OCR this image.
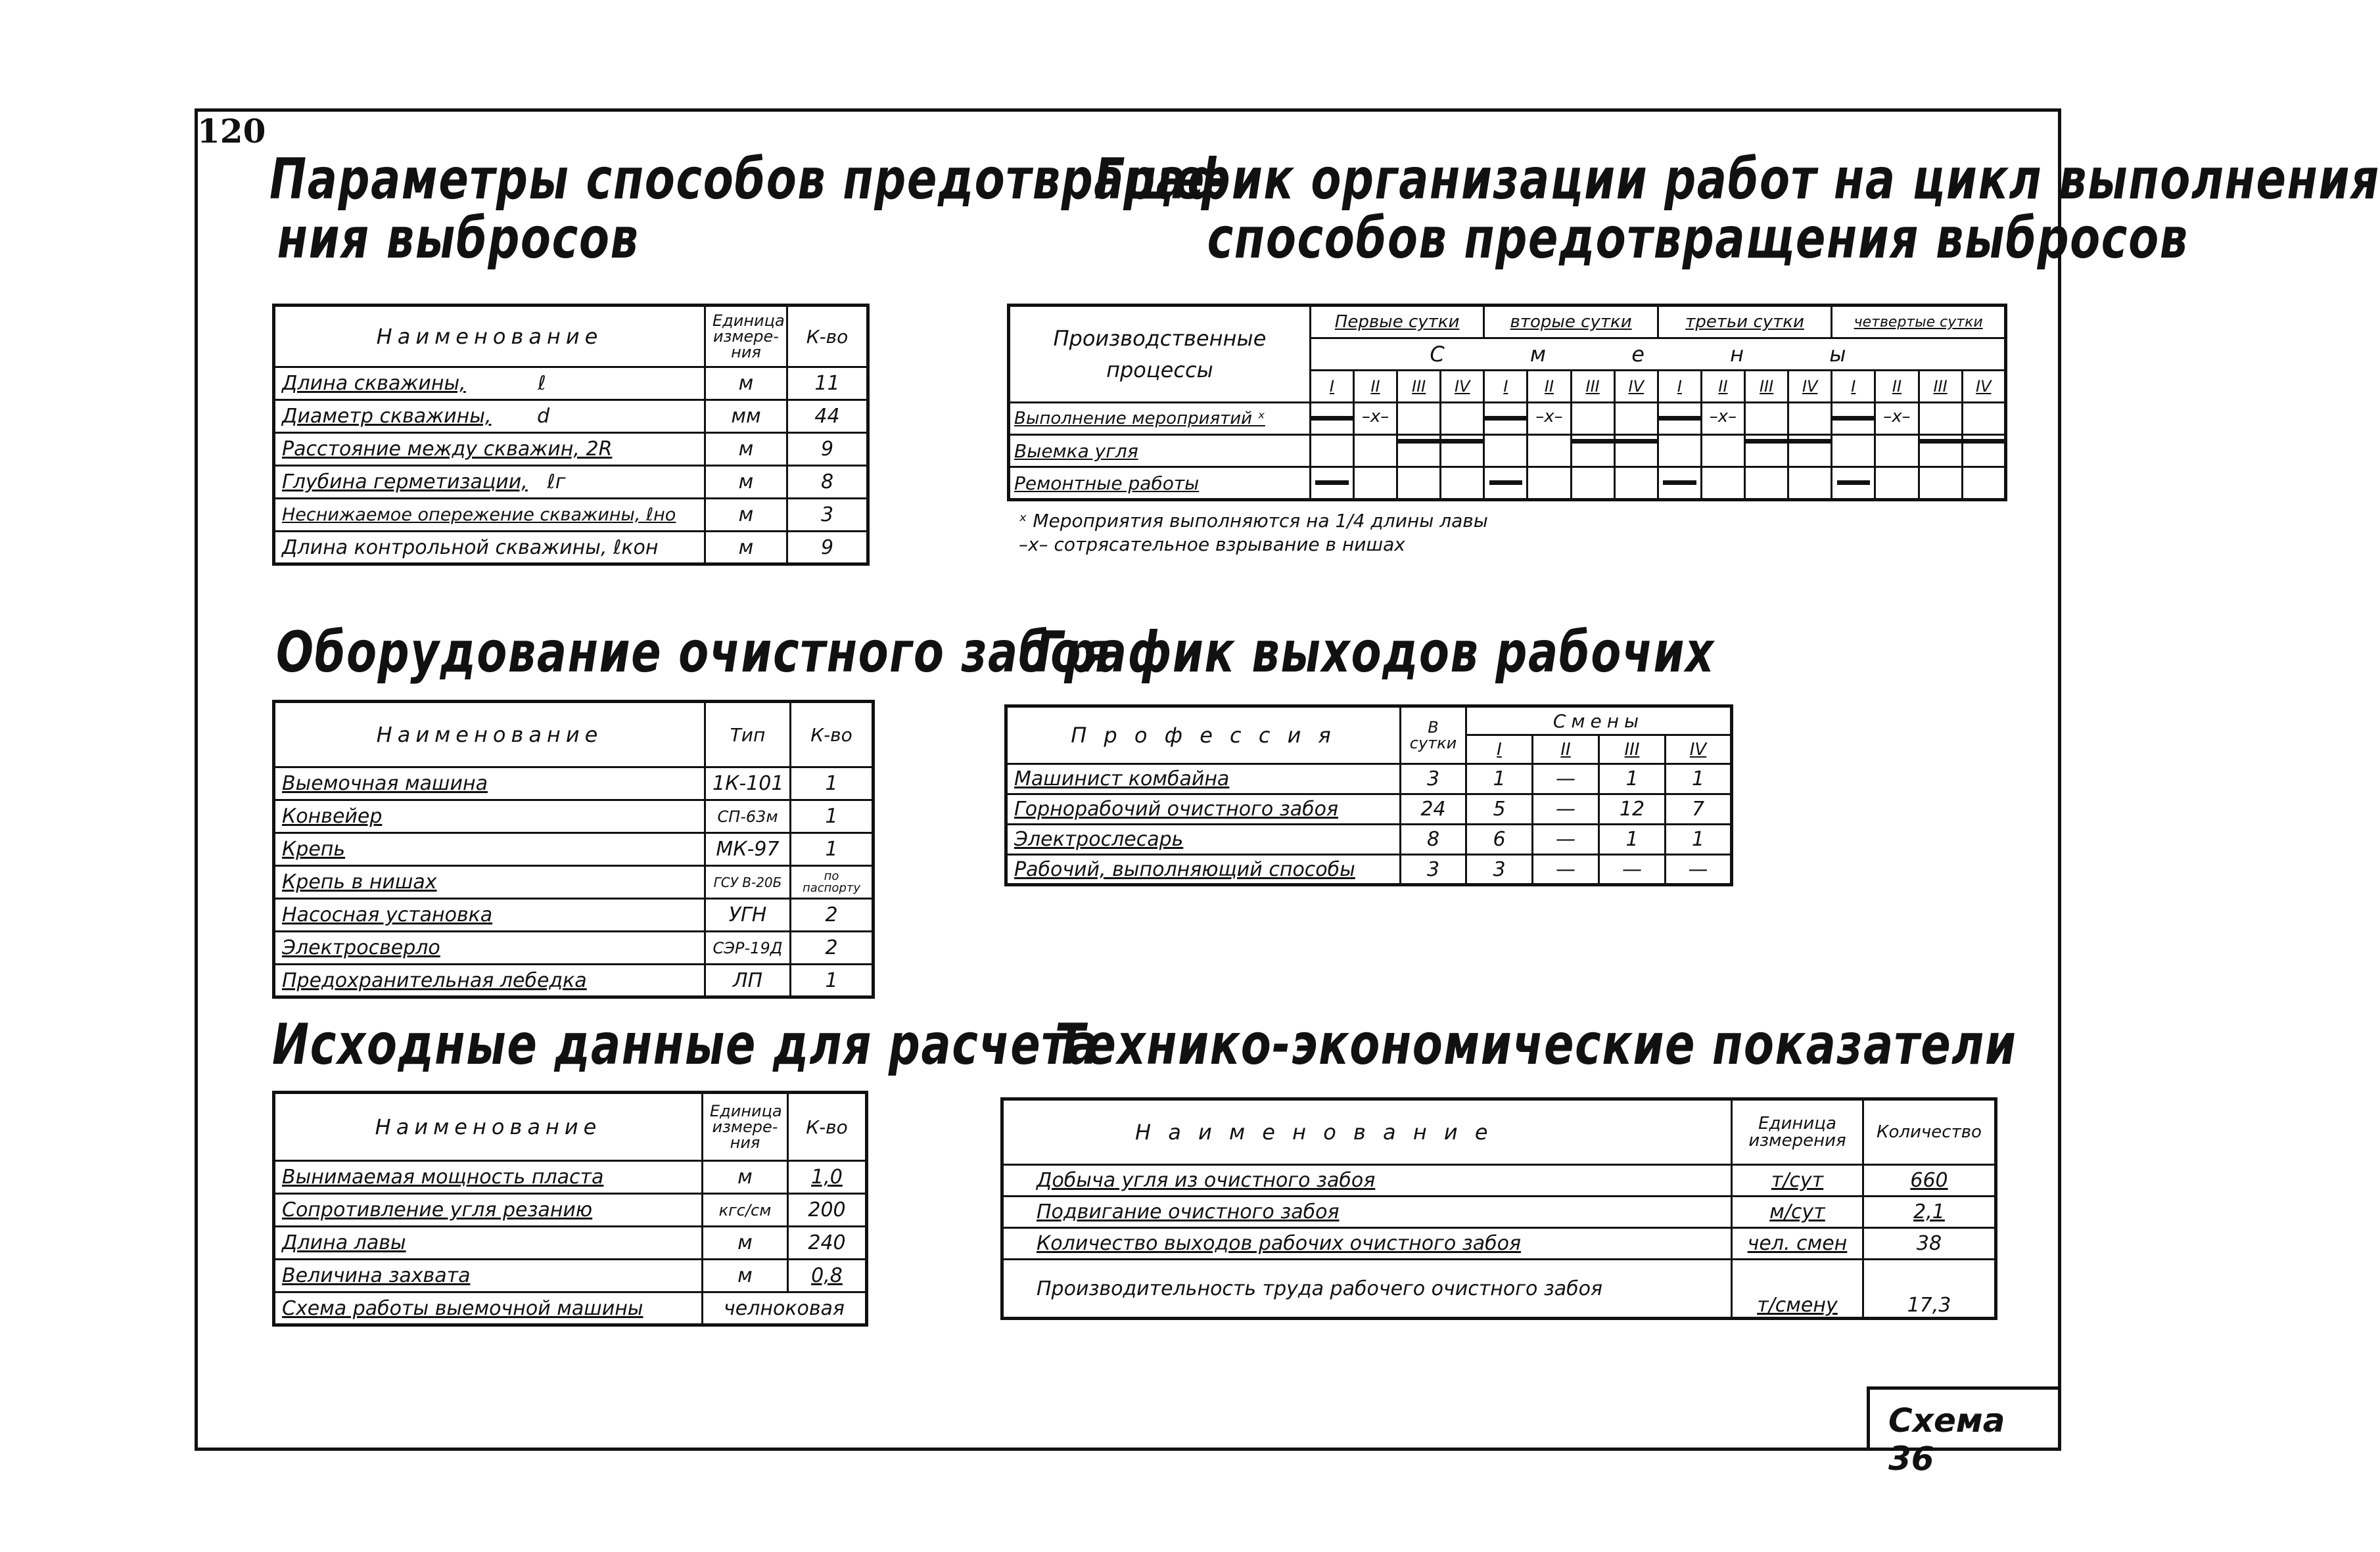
120
Параметры способов предотвраще-
ния выбросов
Наименование	Единица измере-ния	К-во
Длина скважины, ℓ	м	11
Диаметр скважины, d	мм	44
Расстояние между скважин, 2R	м	9
Глубина герметизации, ℓг	м	8
Неснижаемое опережение скважины, ℓно	м	3
Длина контрольной скважины, ℓкон	м	9
Оборудование очистного забоя
Наименование	Тип	К-во
Выемочная машина	1К-101	1
Конвейер	СП-63м	1
Крепь	МК-97	1
Крепь в нишах	ГСУ В-20Б	по паспорту
Насосная установка	УГН	2
Электросверло	СЭР-19Д	2
Предохранительная лебедка	ЛП	1
Исходные данные для расчета
Наименование	Единица измере-ния	К-во
Вынимаемая мощность пласта	м	1,0
Сопротивление угля резанию	кгс/см	200
Длина лавы	м	240
Величина захвата	м	0,8
Схема работы выемочной машины	челноковая	
График организации работ на цикл выполнения
способов предотвращения выбросов
Производственные процессы	Первые сутки				вторые сутки				третьи сутки				четвертые сутки			
	С м е н ы															
	I	II	III	IV	I	II	III	IV	I	II	III	IV	I	II	III	IV
Выполнение мероприятий ˣ		–x–				–x–				–x–				–x–		

Выемка угля			

Ремонтные работы	

ˣ Мероприятия выполняются на 1/4 длины лавы
–x– сотрясательное взрывание в нишах
График выходов рабочих
П р о ф е с с и я	В сутки	Смены			
		I	II	III	IV
Машинист комбайна	3	1	—	1	1
Горнорабочий очистного забоя	24	5	—	12	7
Электрослесарь	8	6	—	1	1
Рабочий, выполняющий способы	3	3	—	—	—
Технико-экономические показатели
Н а и м е н о в а н и е	Единица измерения	Количество
Добыча угля из очистного забоя	т/сут	660
Подвигание очистного забоя	м/сут	2,1
Количество выходов рабочих очистного забоя	чел. смен	38
Производительность труда рабочего очистного забоя	т/смену	17,3
Схема 36
